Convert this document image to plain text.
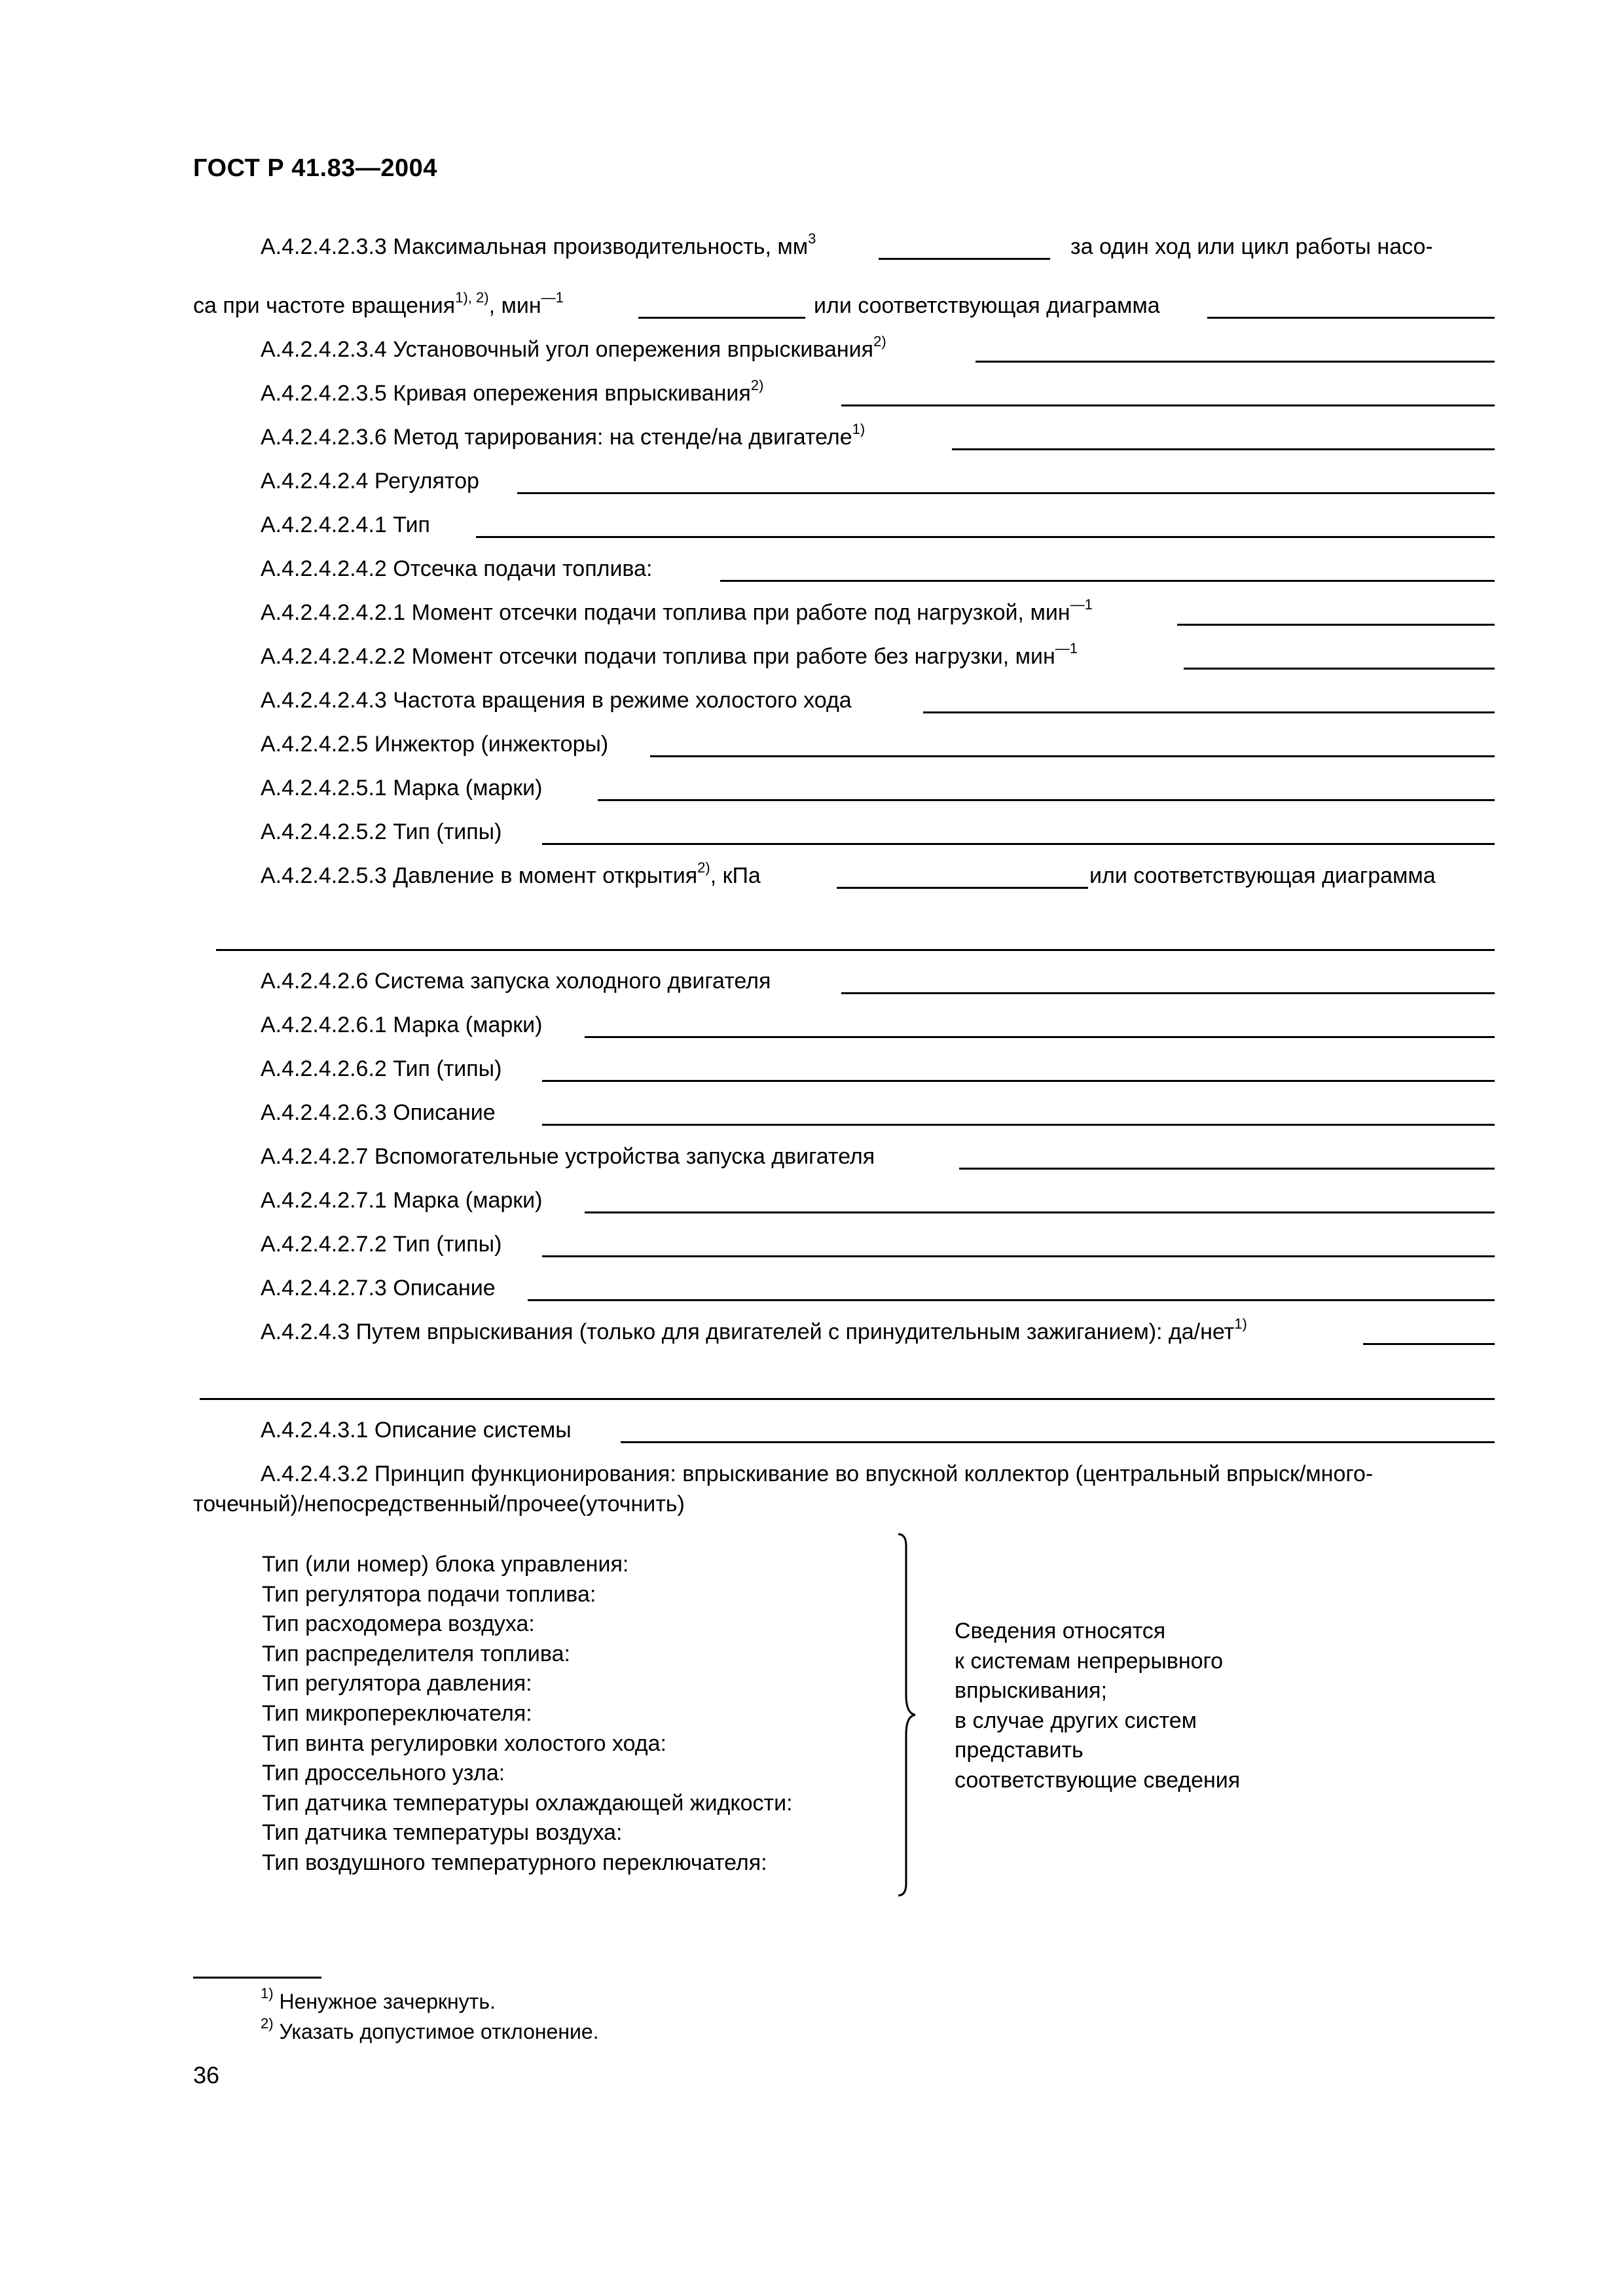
ГОСТ Р 41.83—2004
А.4.2.4.2.3.3 Максимальная производительность, $мм^3$	за один ход или цикл работы насо-
са при частоте вращения$^{1), 2)}$, мин$^{—1}$	или соответствующая диаграмма
А.4.2.4.2.3.4 Установочный угол опережения впрыскивания$^{2)}$
А.4.2.4.2.3.5 Кривая опережения впрыскивания$^{2)}$
А.4.2.4.2.3.6 Метод тарирования: на стенде/на двигателе$^{1)}$
А.4.2.4.2.4 Регулятор
А.4.2.4.2.4.1 Тип
А.4.2.4.2.4.2 Отсечка подачи топлива:
А.4.2.4.2.4.2.1 Момент отсечки подачи топлива при работе под нагрузкой, мин$^{—1}$
А.4.2.4.2.4.2.2 Момент отсечки подачи топлива при работе без нагрузки, мин$^{—1}$
А.4.2.4.2.4.3 Частота вращения в режиме холостого хода
А.4.2.4.2.5 Инжектор (инжекторы)
А.4.2.4.2.5.1 Марка (марки)
А.4.2.4.2.5.2 Тип (типы)
А.4.2.4.2.5.3 Давление в момент открытия$^{2)}$, кПа	или соответствующая диаграмма
А.4.2.4.2.6 Система запуска холодного двигателя
А.4.2.4.2.6.1 Марка (марки)
А.4.2.4.2.6.2 Тип (типы)
А.4.2.4.2.6.3 Описание
А.4.2.4.2.7 Вспомогательные устройства запуска двигателя
А.4.2.4.2.7.1 Марка (марки)
А.4.2.4.2.7.2 Тип (типы)
А.4.2.4.2.7.3 Описание
А.4.2.4.3 Путем впрыскивания (только для двигателей с принудительным зажиганием): да/нет$^{1)}$
А.4.2.4.3.1 Описание системы
А.4.2.4.3.2 Принцип функционирования: впрыскивание во впускной коллектор (центральный впрыск/много-
точечный)/непосредственный/прочее(уточнить)
Тип (или номер) блока управления:
Тип регулятора подачи топлива:
Тип расходомера воздуха:
Тип распределителя топлива:
Тип регулятора давления:
Тип микропереключателя:
Тип винта регулировки холостого хода:
Тип дроссельного узла:
Тип датчика температуры охлаждающей жидкости:
Тип датчика температуры воздуха:
Тип воздушного температурного переключателя:
Сведения относятся
к системам непрерывного
впрыскивания;
в случае других систем
представить
соответствующие сведения
$^{1)}$ Ненужное зачеркнуть.
$^{2)}$ Указать допустимое отклонение.
36
